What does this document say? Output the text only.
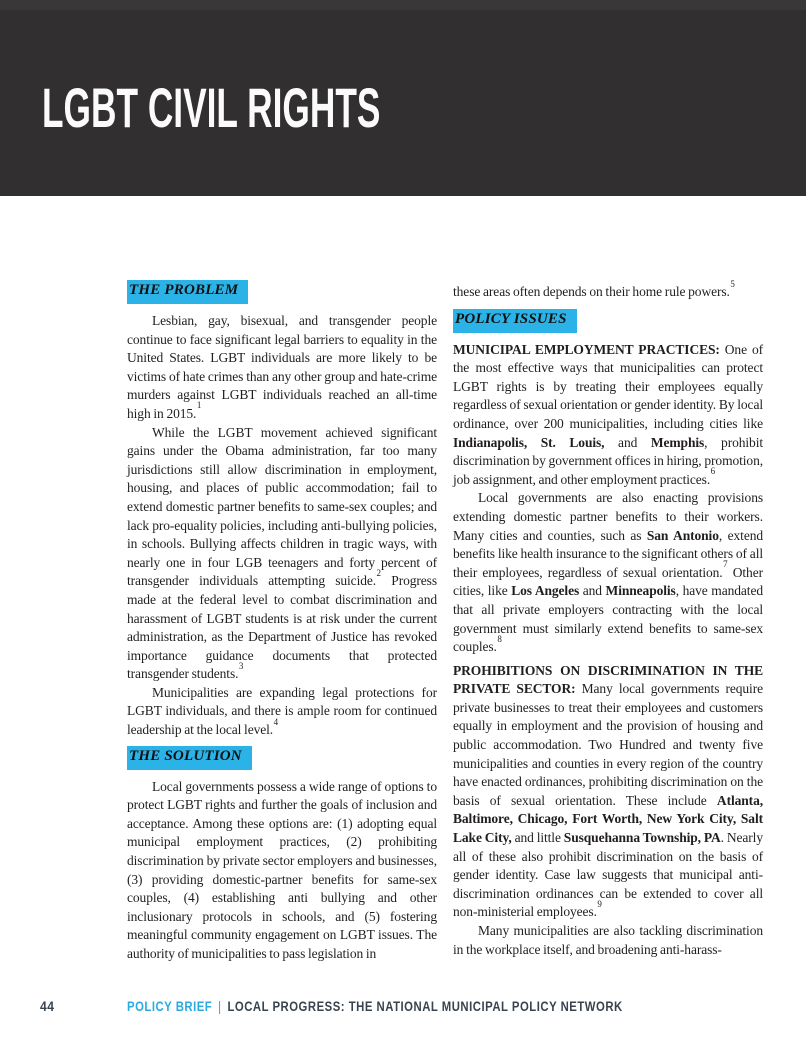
LGBT CIVIL RIGHTS
THE PROBLEM

Lesbian, gay, bisexual, and transgender people continue to face significant legal barriers to equality in the United States. LGBT individuals are more likely to be victims of hate crimes than any other group and hate-crime murders against LGBT individuals reached an all-time high in 2015.$^1$

While the LGBT movement achieved significant gains under the Obama administration, far too many jurisdictions still allow discrimination in employment, housing, and places of public accommodation; fail to extend domestic partner benefits to same-sex couples; and lack pro-equality policies, including anti-bullying policies, in schools. Bullying affects children in tragic ways, with nearly one in four LGB teenagers and forty percent of transgender individuals attempting suicide.$^2$ Progress made at the federal level to combat discrimination and harassment of LGBT students is at risk under the current administration, as the Department of Justice has revoked importance guidance documents that protected transgender students.$^3$

Municipalities are expanding legal protections for LGBT individuals, and there is ample room for continued leadership at the local level.$^4$

THE SOLUTION

Local governments possess a wide range of options to protect LGBT rights and further the goals of inclusion and acceptance. Among these options are: (1) adopting equal municipal employment practices, (2) prohibiting discrimination by private sector employers and businesses, (3) providing domestic-partner benefits for same-sex couples, (4) establishing anti bullying and other inclusionary protocols in schools, and (5) fostering meaningful community engagement on LGBT issues. The authority of municipalities to pass legislation in

these areas often depends on their home rule powers.$^5$

POLICY ISSUES

MUNICIPAL EMPLOYMENT PRACTICES: One of the most effective ways that municipalities can protect LGBT rights is by treating their employees equally regardless of sexual orientation or gender identity. By local ordinance, over 200 municipalities, including cities like Indianapolis, St. Louis, and Memphis, prohibit discrimination by government offices in hiring, promotion, job assignment, and other employment practices.$^6$

Local governments are also enacting provisions extending domestic partner benefits to their workers. Many cities and counties, such as San Antonio, extend benefits like health insurance to the significant others of all their employees, regardless of sexual orientation.$^7$ Other cities, like Los Angeles and Minneapolis, have mandated that all private employers contracting with the local government must similarly extend benefits to same-sex couples.$^8$

PROHIBITIONS ON DISCRIMINATION IN THE PRIVATE SECTOR: Many local governments require private businesses to treat their employees and customers equally in employment and the provision of housing and public accommodation. Two Hundred and twenty five municipalities and counties in every region of the country have enacted ordinances, prohibiting discrimination on the basis of sexual orientation. These include Atlanta, Baltimore, Chicago, Fort Worth, New York City, Salt Lake City, and little Susquehanna Township, PA. Nearly all of these also prohibit discrimination on the basis of gender identity. Case law suggests that municipal anti-discrimination ordinances can be extended to cover all non-ministerial employees.$^9$

Many municipalities are also tackling discrimination in the workplace itself, and broadening anti-harass-

44	POLICY BRIEF | LOCAL PROGRESS: THE NATIONAL MUNICIPAL POLICY NETWORK
